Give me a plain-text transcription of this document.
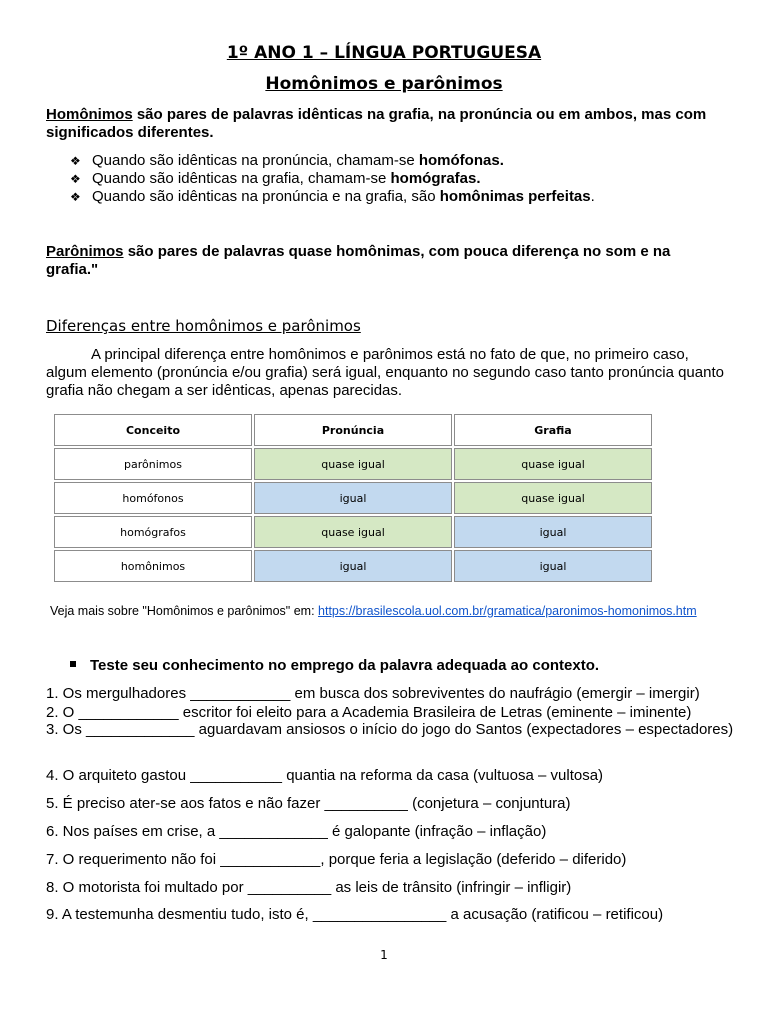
1º ANO 1 – LÍNGUA PORTUGUESA
Homônimos e parônimos
Homônimos são pares de palavras idênticas na grafia, na pronúncia ou em ambos, mas com significados diferentes.
❖ Quando são idênticas na pronúncia, chamam-se homófonas.
❖ Quando são idênticas na grafia, chamam-se homógrafas.
❖ Quando são idênticas na pronúncia e na grafia, são homônimas perfeitas.
Parônimos são pares de palavras quase homônimas, com pouca diferença no som e na grafia."
Diferenças entre homônimos e parônimos
A principal diferença entre homônimos e parônimos está no fato de que, no primeiro caso, algum elemento (pronúncia e/ou grafia) será igual, enquanto no segundo caso tanto pronúncia quanto grafia não chegam a ser idênticas, apenas parecidas.
Conceito	Pronúncia	Grafia
parônimos	quase igual	quase igual
homófonos	igual	quase igual
homógrafos	quase igual	igual
homônimos	igual	igual
Veja mais sobre "Homônimos e parônimos" em: https://brasilescola.uol.com.br/gramatica/paronimos-homonimos.htm
Teste seu conhecimento no emprego da palavra adequada ao contexto.
1. Os mergulhadores ____________ em busca dos sobreviventes do naufrágio (emergir – imergir)
2. O ____________ escritor foi eleito para a Academia Brasileira de Letras (eminente – iminente)
3. Os _____________ aguardavam ansiosos o início do jogo do Santos (expectadores – espectadores)
4. O arquiteto gastou ___________ quantia na reforma da casa (vultuosa – vultosa)
5. É preciso ater-se aos fatos e não fazer __________ (conjetura – conjuntura)
6. Nos países em crise, a _____________ é galopante (infração – inflação)
7. O requerimento não foi ____________, porque feria a legislação (deferido – diferido)
8. O motorista foi multado por __________ as leis de trânsito (infringir – infligir)
9. A testemunha desmentiu tudo, isto é, ________________ a acusação (ratificou – retificou)
1
